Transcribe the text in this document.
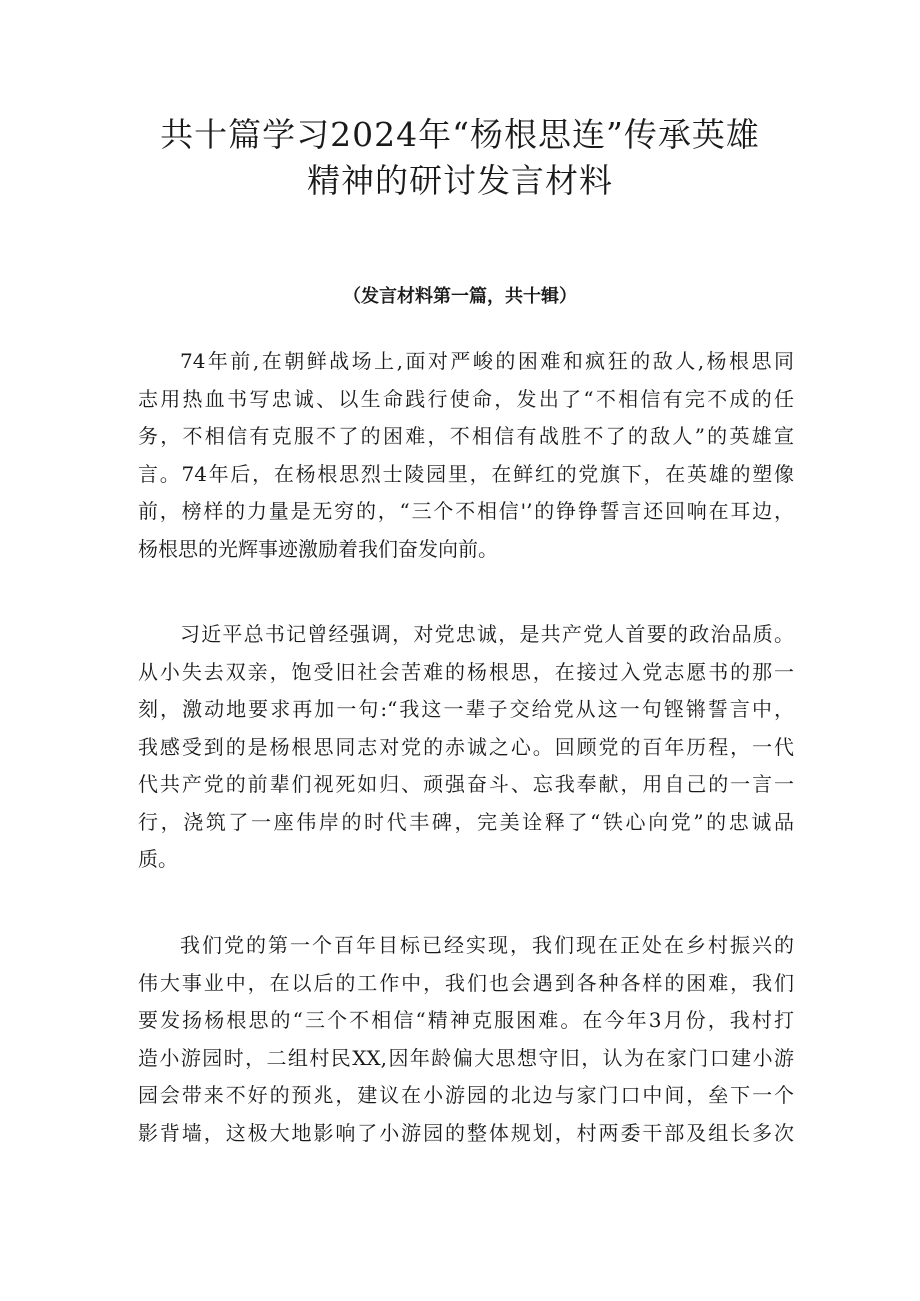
共十篇学习2024年“杨根思连”传承英雄
精神的研讨发言材料

（发言材料第一篇，共十辑）

74年前,在朝鲜战场上,面对严峻的困难和疯狂的敌人,杨根思同
志用热血书写忠诚、以生命践行使命，发出了“不相信有完不成的任
务，不相信有克服不了的困难，不相信有战胜不了的敌人”的英雄宣
言。74年后，在杨根思烈士陵园里，在鲜红的党旗下，在英雄的塑像
前，榜样的力量是无穷的，“三个不相信'’的铮铮誓言还回响在耳边，
杨根思的光辉事迹激励着我们奋发向前。
习近平总书记曾经强调，对党忠诚，是共产党人首要的政治品质。
从小失去双亲，饱受旧社会苦难的杨根思，在接过入党志愿书的那一
刻，激动地要求再加一句:“我这一辈子交给党从这一句铿锵誓言中，
我感受到的是杨根思同志对党的赤诚之心。回顾党的百年历程，一代
代共产党的前辈们视死如归、顽强奋斗、忘我奉献，用自己的一言一
行，浇筑了一座伟岸的时代丰碑，完美诠释了“铁心向党”的忠诚品
质。
我们党的第一个百年目标已经实现，我们现在正处在乡村振兴的
伟大事业中，在以后的工作中，我们也会遇到各种各样的困难，我们
要发扬杨根思的“三个不相信“精神克服困难。在今年3月份，我村打
造小游园时，二组村民XX,因年龄偏大思想守旧，认为在家门口建小游
园会带来不好的预兆，建议在小游园的北边与家门口中间，垒下一个
影背墙，这极大地影响了小游园的整体规划，村两委干部及组长多次
